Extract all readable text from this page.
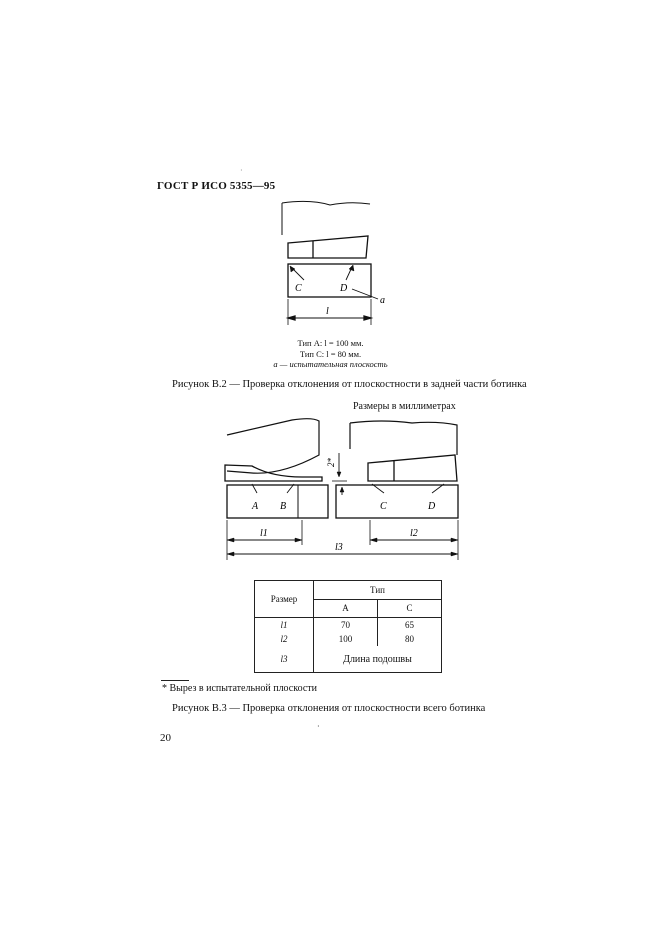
ГОСТ Р ИСО 5355—95
·
C	D
a
l
Тип A: l = 100 мм.
Тип C: l = 80 мм.
a — испытательная плоскость
Рисунок В.2 — Проверка отклонения от плоскостности в задней части ботинка
Размеры в миллиметрах
A B	C	D
2*
l1	l2
l3
Размер	Тип	
	A	C
l1	70	65
l2	100	80
l3	Длина подошвы	
* Вырез в испытательной плоскости
Рисунок В.3 — Проверка отклонения от плоскостности всего ботинка
·
20
